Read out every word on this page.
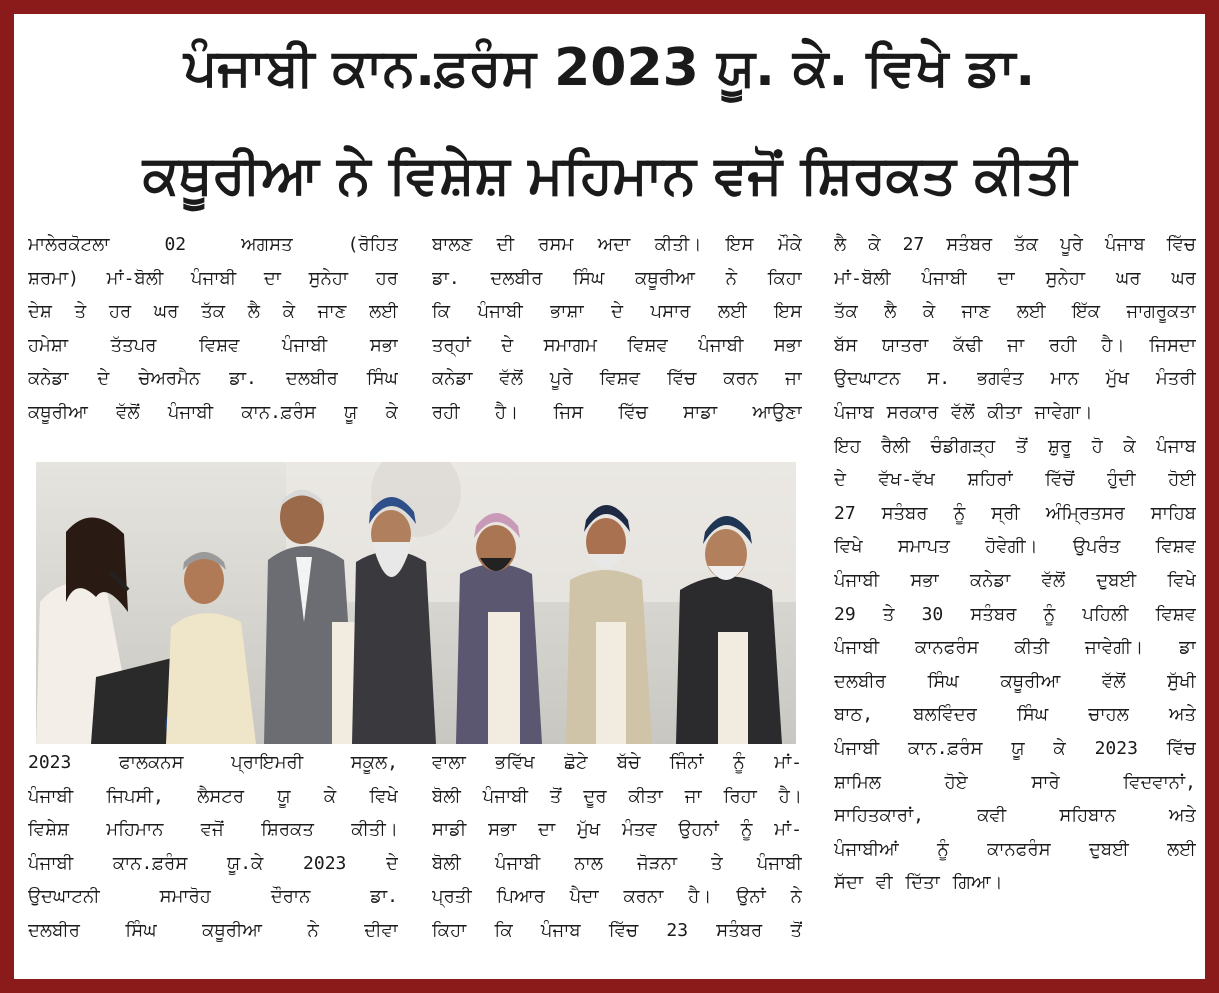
ਪੰਜਾਬੀ ਕਾਨ.ਫ਼ਰੰਸ 2023 ਯੂ. ਕੇ. ਵਿਖੇ ਡਾ.
ਕਥੂਰੀਆ ਨੇ ਵਿਸ਼ੇਸ਼ ਮਹਿਮਾਨ ਵਜੋਂ ਸ਼ਿਰਕਤ ਕੀਤੀ
ਮਾਲੇਰਕੋਟਲਾ 02 ਅਗਸਤ (ਰੋਹਿਤ
ਸ਼ਰਮਾ) ਮਾਂ-ਬੋਲੀ ਪੰਜਾਬੀ ਦਾ ਸੁਨੇਹਾ ਹਰ
ਦੇਸ਼ ਤੇ ਹਰ ਘਰ ਤੱਕ ਲੈ ਕੇ ਜਾਣ ਲਈ
ਹਮੇਸ਼ਾ ਤੱਤਪਰ ਵਿਸ਼ਵ ਪੰਜਾਬੀ ਸਭਾ
ਕਨੇਡਾ ਦੇ ਚੇਅਰਮੈਨ ਡਾ. ਦਲਬੀਰ ਸਿੰਘ
ਕਥੂਰੀਆ ਵੱਲੋਂ ਪੰਜਾਬੀ ਕਾਨ.ਫ਼ਰੰਸ ਯੂ ਕੇ
ਬਾਲਣ ਦੀ ਰਸਮ ਅਦਾ ਕੀਤੀ। ਇਸ ਮੌਕੇ
ਡਾ. ਦਲਬੀਰ ਸਿੰਘ ਕਥੂਰੀਆ ਨੇ ਕਿਹਾ
ਕਿ ਪੰਜਾਬੀ ਭਾਸ਼ਾ ਦੇ ਪਸਾਰ ਲਈ ਇਸ
ਤਰ੍ਹਾਂ ਦੇ ਸਮਾਗਮ ਵਿਸ਼ਵ ਪੰਜਾਬੀ ਸਭਾ
ਕਨੇਡਾ ਵੱਲੋਂ ਪੂਰੇ ਵਿਸ਼ਵ ਵਿੱਚ ਕਰਨ ਜਾ
ਰਹੀ ਹੈ। ਜਿਸ ਵਿੱਚ ਸਾਡਾ ਆਉਣਾ
ਲੈ ਕੇ 27 ਸਤੰਬਰ ਤੱਕ ਪੂਰੇ ਪੰਜਾਬ ਵਿੱਚ
ਮਾਂ-ਬੋਲੀ ਪੰਜਾਬੀ ਦਾ ਸੁਨੇਹਾ ਘਰ ਘਰ
ਤੱਕ ਲੈ ਕੇ ਜਾਣ ਲਈ ਇੱਕ ਜਾਗਰੂਕਤਾ
ਬੱਸ ਯਾਤਰਾ ਕੱਢੀ ਜਾ ਰਹੀ ਹੈ। ਜਿਸਦਾ
ਉਦਘਾਟਨ ਸ. ਭਗਵੰਤ ਮਾਨ ਮੁੱਖ ਮੰਤਰੀ
ਪੰਜਾਬ ਸਰਕਾਰ ਵੱਲੋਂ ਕੀਤਾ ਜਾਵੇਗਾ।
ਇਹ ਰੈਲੀ ਚੰਡੀਗੜ੍ਹ ਤੋਂ ਸ਼ੁਰੂ ਹੋ ਕੇ ਪੰਜਾਬ
ਦੇ ਵੱਖ-ਵੱਖ ਸ਼ਹਿਰਾਂ ਵਿੱਚੋਂ ਹੁੰਦੀ ਹੋਈ
27 ਸਤੰਬਰ ਨੂੰ ਸ੍ਰੀ ਅੰਮ੍ਰਿਤਸਰ ਸਾਹਿਬ
ਵਿਖੇ ਸਮਾਪਤ ਹੋਵੇਗੀ। ਉਪਰੰਤ ਵਿਸ਼ਵ
ਪੰਜਾਬੀ ਸਭਾ ਕਨੇਡਾ ਵੱਲੋਂ ਦੁਬਈ ਵਿਖੇ
29 ਤੇ 30 ਸਤੰਬਰ ਨੂੰ ਪਹਿਲੀ ਵਿਸ਼ਵ
ਪੰਜਾਬੀ ਕਾਨਫਰੰਸ ਕੀਤੀ ਜਾਵੇਗੀ। ਡਾ
ਦਲਬੀਰ ਸਿੰਘ ਕਥੂਰੀਆ ਵੱਲੋਂ ਸੁੱਖੀ
ਬਾਠ, ਬਲਵਿੰਦਰ ਸਿੰਘ ਚਾਹਲ ਅਤੇ
ਪੰਜਾਬੀ ਕਾਨ.ਫ਼ਰੰਸ ਯੂ ਕੇ 2023 ਵਿੱਚ
ਸ਼ਾਮਿਲ ਹੋਏ ਸਾਰੇ ਵਿਦਵਾਨਾਂ,
ਸਾਹਿਤਕਾਰਾਂ, ਕਵੀ ਸਹਿਬਾਨ ਅਤੇ
ਪੰਜਾਬੀਆਂ ਨੂੰ ਕਾਨਫਰੰਸ ਦੁਬਈ ਲਈ
ਸੱਦਾ ਵੀ ਦਿੱਤਾ ਗਿਆ।
2023 ਫਾਲਕਨਸ ਪ੍ਰਾਇਮਰੀ ਸਕੂਲ,
ਪੰਜਾਬੀ ਜਿਪਸੀ, ਲੈਸਟਰ ਯੂ ਕੇ ਵਿਖੇ
ਵਿਸ਼ੇਸ਼ ਮਹਿਮਾਨ ਵਜੋਂ ਸ਼ਿਰਕਤ ਕੀਤੀ।
ਪੰਜਾਬੀ ਕਾਨ.ਫ਼ਰੰਸ ਯੂ.ਕੇ 2023 ਦੇ
ਉਦਘਾਟਨੀ ਸਮਾਰੋਹ ਦੌਰਾਨ ਡਾ.
ਦਲਬੀਰ ਸਿੰਘ ਕਥੂਰੀਆ ਨੇ ਦੀਵਾ
ਵਾਲਾ ਭਵਿੱਖ ਛੋਟੇ ਬੱਚੇ ਜਿੰਨਾਂ ਨੂੰ ਮਾਂ-
ਬੋਲੀ ਪੰਜਾਬੀ ਤੋਂ ਦੂਰ ਕੀਤਾ ਜਾ ਰਿਹਾ ਹੈ।
ਸਾਡੀ ਸਭਾ ਦਾ ਮੁੱਖ ਮੰਤਵ ਉਹਨਾਂ ਨੂੰ ਮਾਂ-
ਬੋਲੀ ਪੰਜਾਬੀ ਨਾਲ ਜੋੜਨਾ ਤੇ ਪੰਜਾਬੀ
ਪ੍ਰਤੀ ਪਿਆਰ ਪੈਦਾ ਕਰਨਾ ਹੈ। ਉਨਾਂ ਨੇ
ਕਿਹਾ ਕਿ ਪੰਜਾਬ ਵਿੱਚ 23 ਸਤੰਬਰ ਤੋਂ
